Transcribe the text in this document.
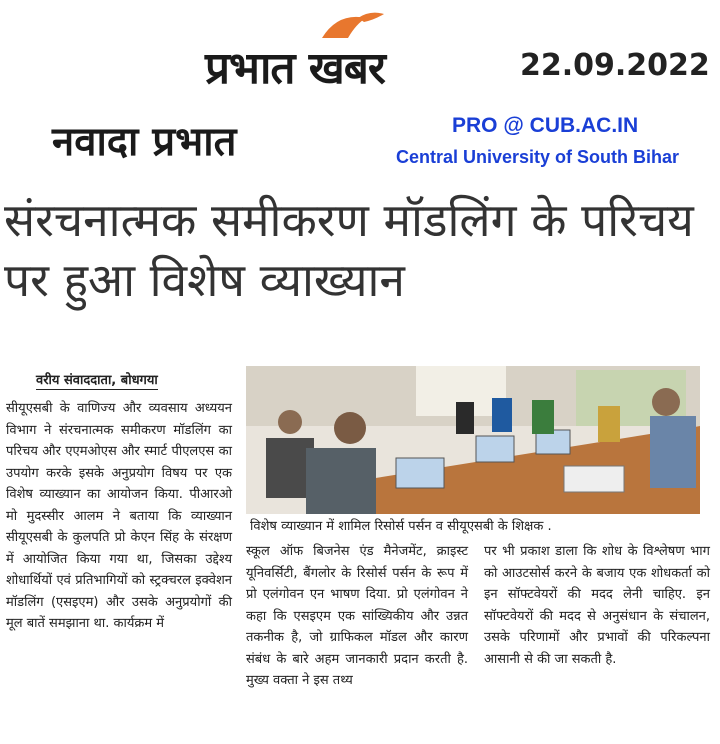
प्रभात खबर	22.09.2022
नवादा प्रभात	PRO @ CUB.AC.IN
Central University of South Bihar
संरचनात्मक समीकरण मॉडलिंग के परिचय पर हुआ विशेष व्याख्यान
वरीय संवाददाता, बोधगया
सीयूएसबी के वाणिज्य और व्यवसाय अध्ययन विभाग ने संरचनात्मक समीकरण मॉडलिंग का परिचय और एएमओएस और स्मार्ट पीएलएस का उपयोग करके इसके अनुप्रयोग विषय पर एक विशेष व्याख्यान का आयोजन किया. पीआरओ मो मुदस्सीर आलम ने बताया कि व्याख्यान सीयूएसबी के कुलपति प्रो केएन सिंह के संरक्षण में आयोजित किया गया था, जिसका उद्देश्य शोधार्थियों एवं प्रतिभागियों को स्ट्रक्चरल इक्वेशन मॉडलिंग (एसइएम) और उसके अनुप्रयोगों की मूल बातें समझाना था. कार्यक्रम में
विशेष व्याख्यान में शामिल रिसोर्स पर्सन व सीयूएसबी के शिक्षक .
स्कूल ऑफ बिजनेस एंड मैनेजमेंट, क्राइस्ट यूनिवर्सिटी, बैंगलोर के रिसोर्स पर्सन के रूप में प्रो एलंगोवन एन भाषण दिया. प्रो एलंगोवन ने कहा कि एसइएम एक सांख्यिकीय और उन्नत तकनीक है, जो ग्राफिकल मॉडल और कारण संबंध के बारे अहम जानकारी प्रदान करती है. मुख्य वक्ता ने इस तथ्य
पर भी प्रकाश डाला कि शोध के विश्लेषण भाग को आउटसोर्स करने के बजाय एक शोधकर्ता को इन सॉफ्टवेयरों की मदद लेनी चाहिए. इन सॉफ्टवेयरों की मदद से अनुसंधान के संचालन, उसके परिणामों और प्रभावों की परिकल्पना आसानी से की जा सकती है.
